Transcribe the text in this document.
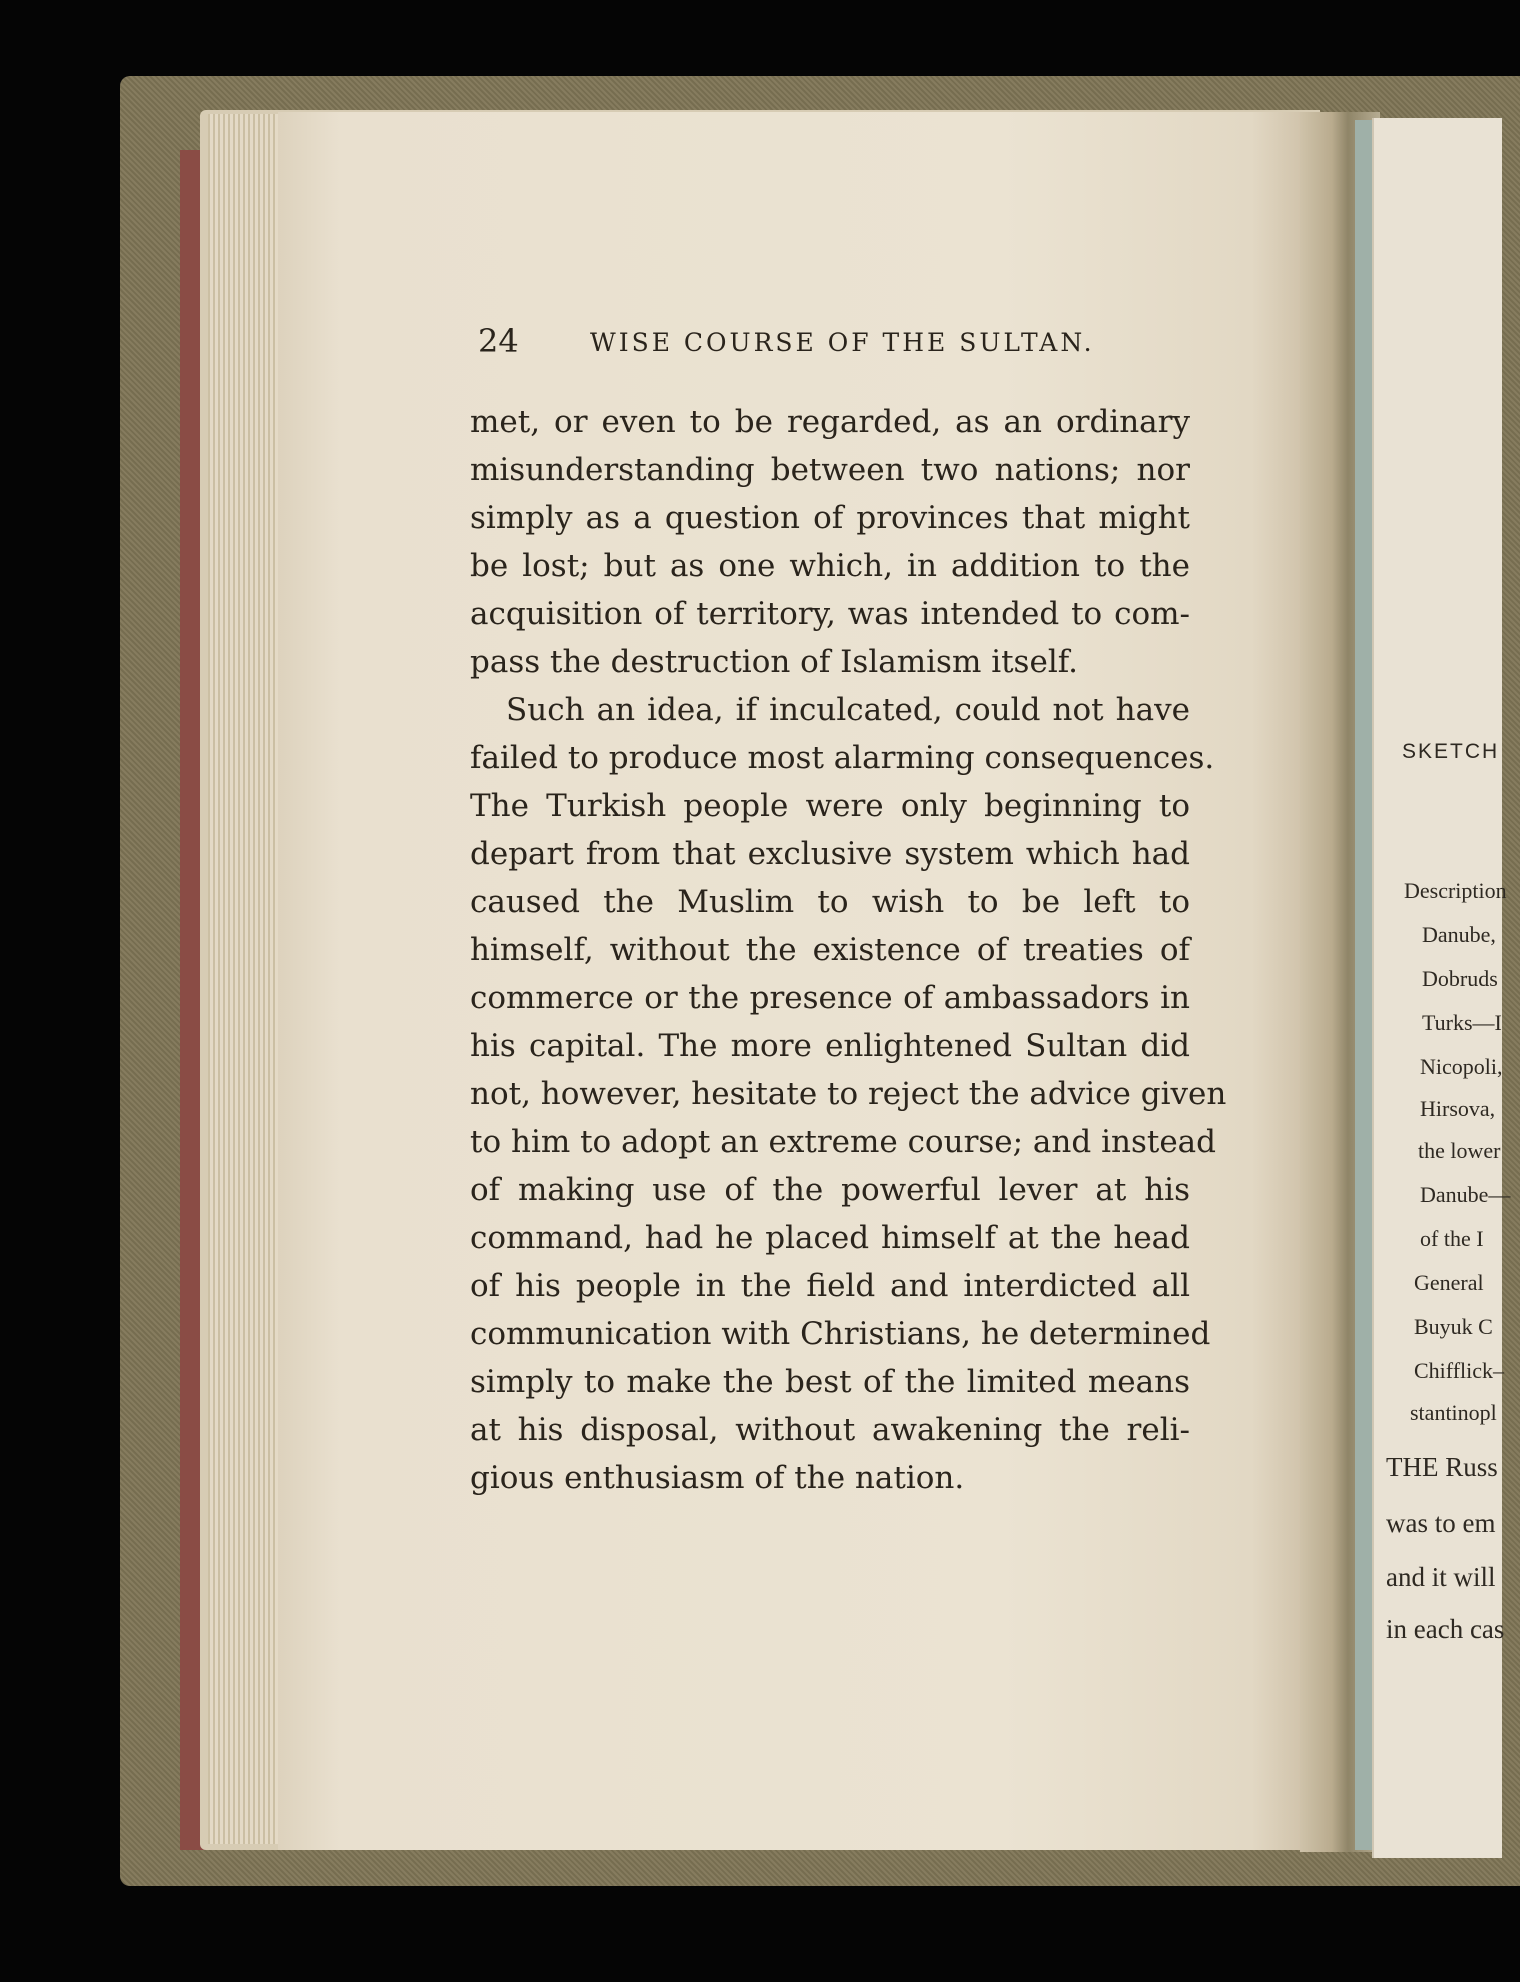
24	WISE COURSE OF THE SULTAN.
met, or even to be regarded, as an ordinary
misunderstanding between two nations; nor
simply as a question of provinces that might
be lost; but as one which, in addition to the
acquisition of territory, was intended to com-
pass the destruction of Islamism itself.
Such an idea, if inculcated, could not have
failed to produce most alarming consequences.
The Turkish people were only beginning to
depart from that exclusive system which had
caused the Muslim to wish to be left to
himself, without the existence of treaties of
commerce or the presence of ambassadors in
his capital. The more enlightened Sultan did
not, however, hesitate to reject the advice given
to him to adopt an extreme course; and instead
of making use of the powerful lever at his
command, had he placed himself at the head
of his people in the field and interdicted all
communication with Christians, he determined
simply to make the best of the limited means
at his disposal, without awakening the reli-
gious enthusiasm of the nation.
SKETCH
Description
Danube,
Dobruds
Turks—I
Nicopoli,
Hirsova,
the lower
Danube—
of the I
General
Buyuk C
Chifflick–
stantinopl
THE Russ
was to em
and it will
in each cas
